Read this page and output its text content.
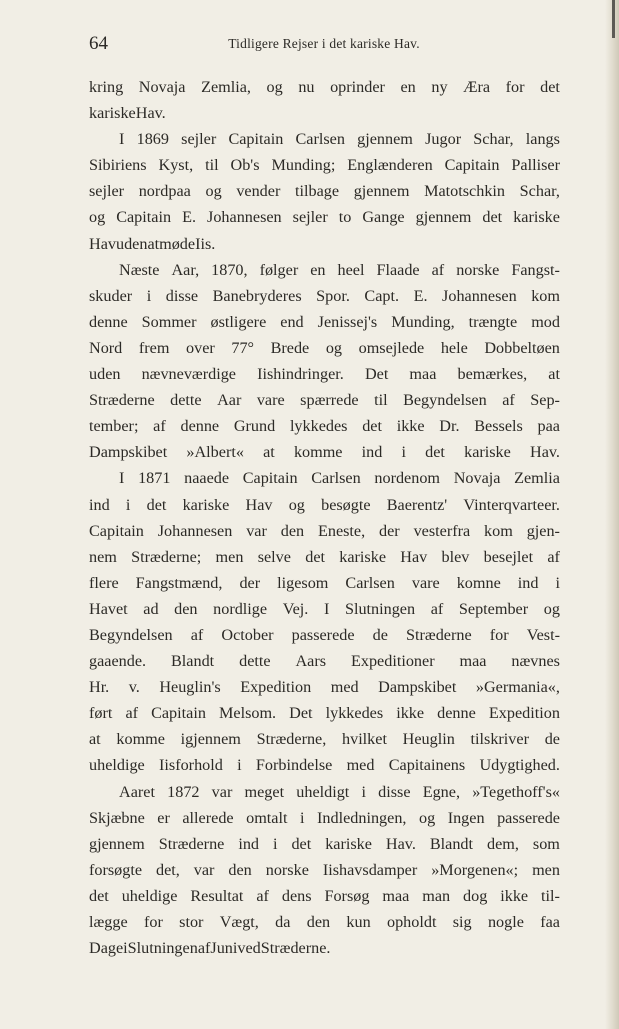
64	Tidligere Rejser i det kariske Hav.
kring Novaja Zemlia, og nu oprinder en ny Æra for det
kariske Hav.
I 1869 sejler Capitain Carlsen gjennem Jugor Schar, langs
Sibiriens Kyst, til Ob's Munding; Englænderen Capitain Palliser
sejler nordpaa og vender tilbage gjennem Matotschkin Schar,
og Capitain E. Johannesen sejler to Gange gjennem det kariske
Hav uden at møde Iis.
Næste Aar, 1870, følger en heel Flaade af norske Fangst-
skuder i disse Banebryderes Spor. Capt. E. Johannesen kom
denne Sommer østligere end Jenissej's Munding, trængte mod
Nord frem over 77° Brede og omsejlede hele Dobbeltøen
uden nævneværdige Iishindringer. Det maa bemærkes, at
Stræderne dette Aar vare spærrede til Begyndelsen af Sep-
tember; af denne Grund lykkedes det ikke Dr. Bessels paa
Dampskibet »Albert« at komme ind i det kariske Hav.
I 1871 naaede Capitain Carlsen nordenom Novaja Zemlia
ind i det kariske Hav og besøgte Baerentz' Vinterqvarteer.
Capitain Johannesen var den Eneste, der vesterfra kom gjen-
nem Stræderne; men selve det kariske Hav blev besejlet af
flere Fangstmænd, der ligesom Carlsen vare komne ind i
Havet ad den nordlige Vej. I Slutningen af September og
Begyndelsen af October passerede de Stræderne for Vest-
gaaende. Blandt dette Aars Expeditioner maa nævnes
Hr. v. Heuglin's Expedition med Dampskibet »Germania«,
ført af Capitain Melsom. Det lykkedes ikke denne Expedition
at komme igjennem Stræderne, hvilket Heuglin tilskriver de
uheldige Iisforhold i Forbindelse med Capitainens Udygtighed.
Aaret 1872 var meget uheldigt i disse Egne, »Tegethoff's«
Skjæbne er allerede omtalt i Indledningen, og Ingen passerede
gjennem Stræderne ind i det kariske Hav. Blandt dem, som
forsøgte det, var den norske Iishavsdamper »Morgenen«; men
det uheldige Resultat af dens Forsøg maa man dog ikke til-
lægge for stor Vægt, da den kun opholdt sig nogle faa
Dage i Slutningen af Juni ved Stræderne.
